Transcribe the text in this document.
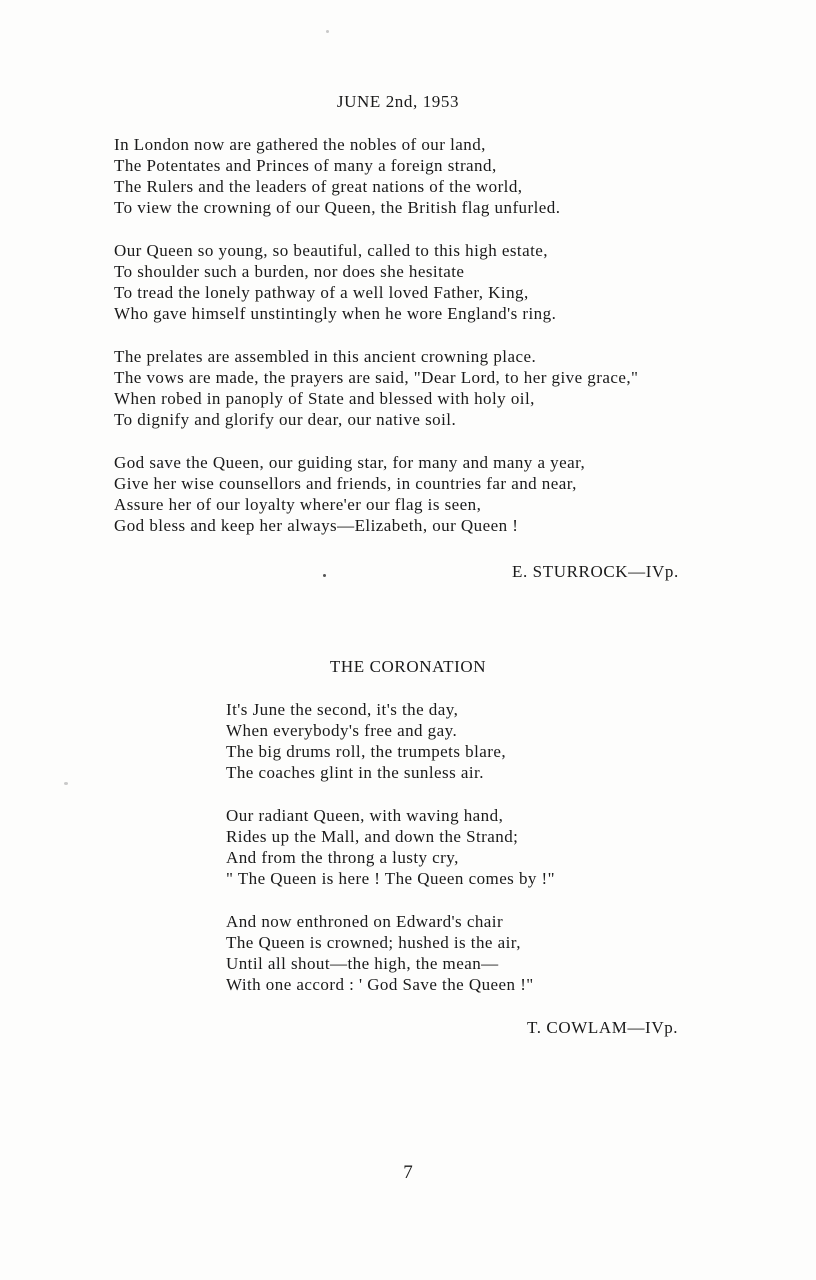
JUNE 2nd, 1953
In London now are gathered the nobles of our land,
The Potentates and Princes of many a foreign strand,
The Rulers and the leaders of great nations of the world,
To view the crowning of our Queen, the British flag unfurled.
Our Queen so young, so beautiful, called to this high estate,
To shoulder such a burden, nor does she hesitate
To tread the lonely pathway of a well loved Father, King,
Who gave himself unstintingly when he wore England's ring.
The prelates are assembled in this ancient crowning place.
The vows are made, the prayers are said, "Dear Lord, to her give grace,"
When robed in panoply of State and blessed with holy oil,
To dignify and glorify our dear, our native soil.
God save the Queen, our guiding star, for many and many a year,
Give her wise counsellors and friends, in countries far and near,
Assure her of our loyalty where'er our flag is seen,
God bless and keep her always—Elizabeth, our Queen !
E. STURROCK—IVp.
THE CORONATION
It's June the second, it's the day,
When everybody's free and gay.
The big drums roll, the trumpets blare,
The coaches glint in the sunless air.
Our radiant Queen, with waving hand,
Rides up the Mall, and down the Strand;
And from the throng a lusty cry,
" The Queen is here ! The Queen comes by !"
And now enthroned on Edward's chair
The Queen is crowned; hushed is the air,
Until all shout—the high, the mean—
With one accord : ' God Save the Queen !"
T. COWLAM—IVp.
7
